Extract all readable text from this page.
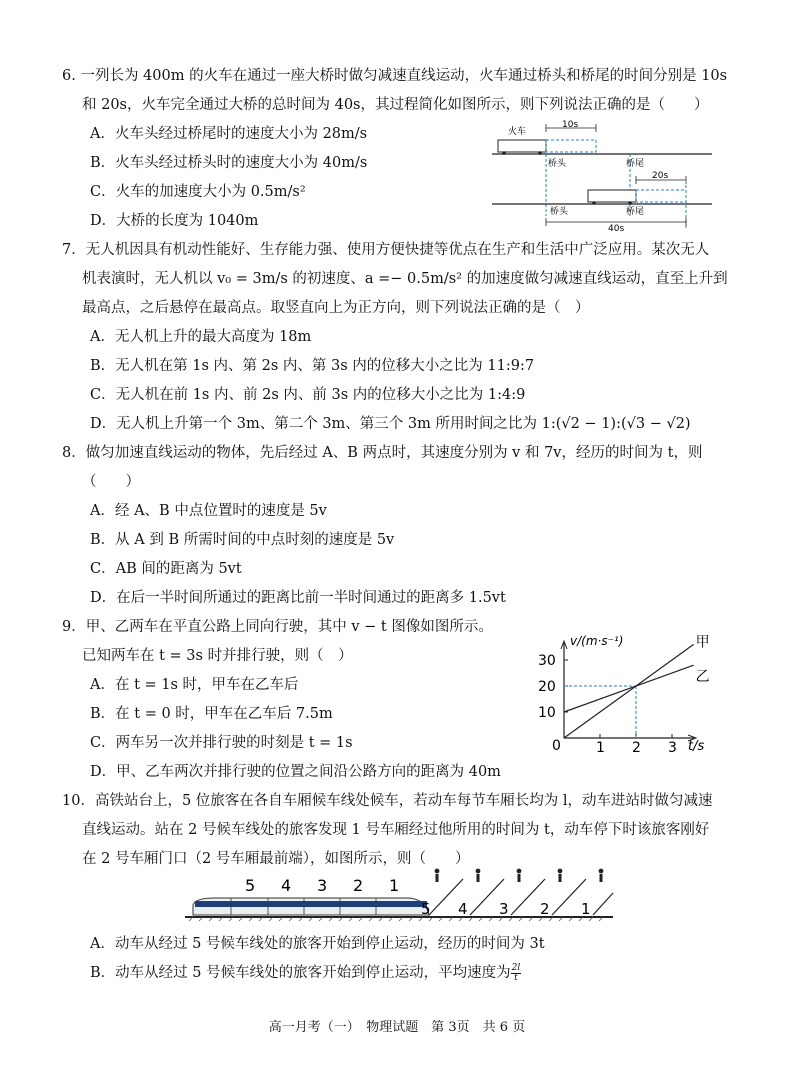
6. 一列长为 400m 的火车在通过一座大桥时做匀减速直线运动，火车通过桥头和桥尾的时间分别是 10s
和 20s，火车完全通过大桥的总时间为 40s，其过程简化如图所示，则下列说法正确的是（　　）
A．火车头经过桥尾时的速度大小为 28m/s
B．火车头经过桥头时的速度大小为 40m/s
C．火车的加速度大小为 0.5m/s²
D．大桥的长度为 1040m
火车
10s
桥头	桥尾
20s
桥头	桥尾
40s
7．无人机因具有机动性能好、生存能力强、使用方便快捷等优点在生产和生活中广泛应用。某次无人
机表演时，无人机以 v₀ = 3m/s 的初速度、a =− 0.5m/s² 的加速度做匀减速直线运动，直至上升到
最高点，之后悬停在最高点。取竖直向上为正方向，则下列说法正确的是（　）
A．无人机上升的最大高度为 18m
B．无人机在第 1s 内、第 2s 内、第 3s 内的位移大小之比为 11:9:7
C．无人机在前 1s 内、前 2s 内、前 3s 内的位移大小之比为 1:4:9
D．无人机上升第一个 3m、第二个 3m、第三个 3m 所用时间之比为 1:(√2 − 1):(√3 − √2)
8．做匀加速直线运动的物体，先后经过 A、B 两点时，其速度分别为 v 和 7v，经历的时间为 t，则
（　　）
A．经 A、B 中点位置时的速度是 5v
B．从 A 到 B 所需时间的中点时刻的速度是 5v
C．AB 间的距离为 5vt
D．在后一半时间所通过的距离比前一半时间通过的距离多 1.5vt
9．甲、乙两车在平直公路上同向行驶，其中 v − t 图像如图所示。
已知两车在 t = 3s 时并排行驶，则（　）
A．在 t = 1s 时，甲车在乙车后
B．在 t = 0 时，甲车在乙车后 7.5m
C．两车另一次并排行驶的时刻是 t = 1s
D．甲、乙车两次并排行驶的位置之间沿公路方向的距离为 40m
v/(m·s⁻¹)
t/s
0	1 2 3
10
20
30
甲
乙
10．高铁站台上，5 位旅客在各自车厢候车线处候车，若动车每节车厢长均为 l，动车进站时做匀减速
直线运动。站在 2 号候车线处的旅客发现 1 号车厢经过他所用的时间为 t，动车停下时该旅客刚好
在 2 号车厢门口（2 号车厢最前端），如图所示，则（　　）
5 4 3 2 1
5 4 3 2 1
A．动车从经过 5 号候车线处的旅客开始到停止运动，经历的时间为 3t
B．动车从经过 5 号候车线处的旅客开始到停止运动，平均速度为 $\frac{2l}{t}$
高一月考（一）　物理试题　第 3页　共 6 页
